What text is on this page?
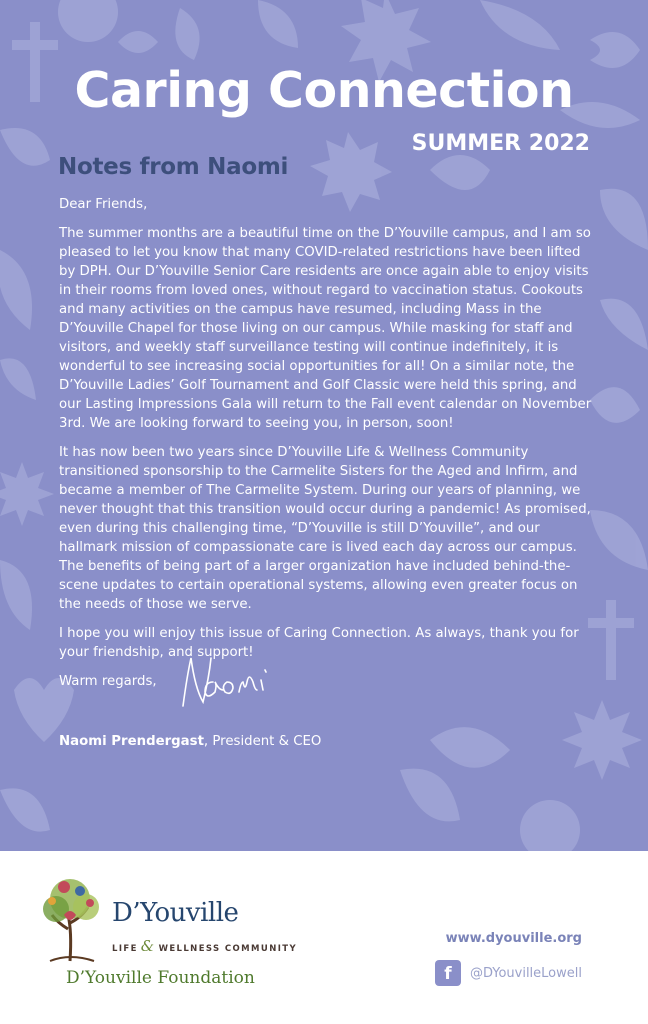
Caring Connection

SUMMER 2022

Notes from Naomi

Dear Friends,

The summer months are a beautiful time on the D’Youville campus, and I am so pleased to let you know that many COVID-related restrictions have been lifted by DPH. Our D’Youville Senior Care residents are once again able to enjoy visits in their rooms from loved ones, without regard to vaccination status. Cookouts and many activities on the campus have resumed, including Mass in the D’Youville Chapel for those living on our campus. While masking for staff and visitors, and weekly staff surveillance testing will continue indefinitely, it is wonderful to see increasing social opportunities for all! On a similar note, the D’Youville Ladies’ Golf Tournament and Golf Classic were held this spring, and our Lasting Impressions Gala will return to the Fall event calendar on November 3rd. We are looking forward to seeing you, in person, soon!

It has now been two years since D’Youville Life & Wellness Community transitioned sponsorship to the Carmelite Sisters for the Aged and Infirm, and became a member of The Carmelite System. During our years of planning, we never thought that this transition would occur during a pandemic! As promised, even during this challenging time, “D’Youville is still D’Youville”, and our hallmark mission of compassionate care is lived each day across our campus. The benefits of being part of a larger organization have included behind-the-scene updates to certain operational systems, allowing even greater focus on the needs of those we serve.

I hope you will enjoy this issue of Caring Connection. As always, thank you for your friendship, and support!

Warm regards,

Naomi Prendergast, President & CEO

D’Youville

LIFE & WELLNESS COMMUNITY

D’Youville Foundation

www.dyouville.org
f	@DYouvilleLowell
